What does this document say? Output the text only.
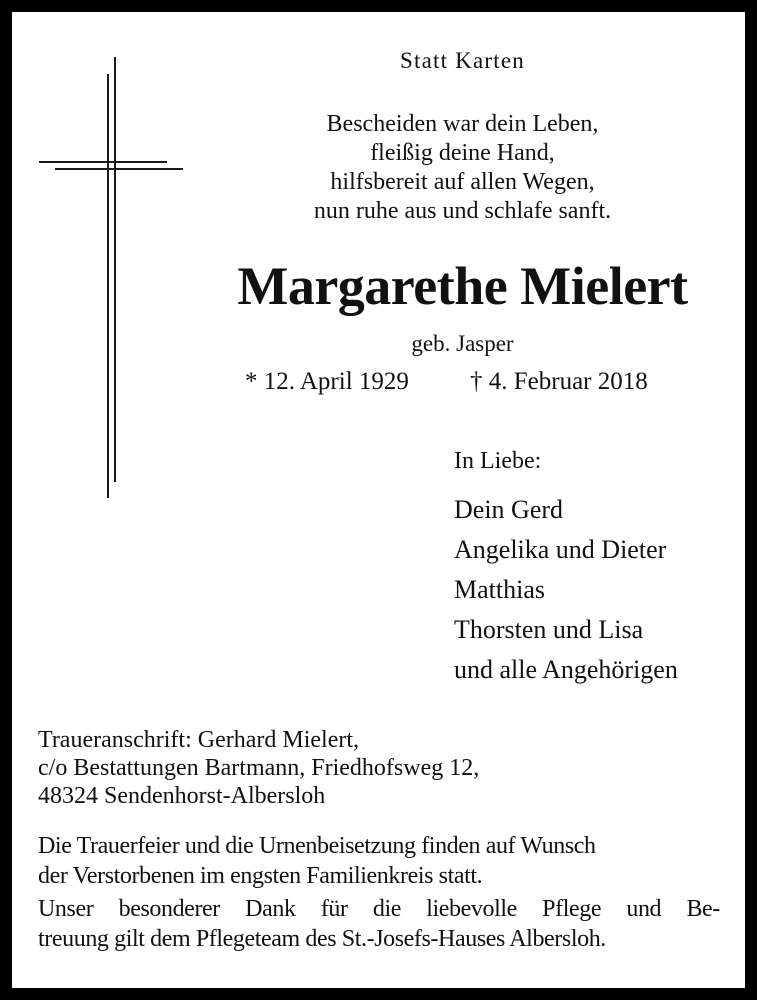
Statt Karten
Bescheiden war dein Leben,
fleißig deine Hand,
hilfsbereit auf allen Wegen,
nun ruhe aus und schlafe sanft.
Margarethe Mielert
geb. Jasper
* 12. April 1929 † 4. Februar 2018
In Liebe:
Dein Gerd
Angelika und Dieter
Matthias
Thorsten und Lisa
und alle Angehörigen
Traueranschrift: Gerhard Mielert,
c/o Bestattungen Bartmann, Friedhofsweg 12,
48324 Sendenhorst-Albersloh
Die Trauerfeier und die Urnenbeisetzung finden auf Wunsch
der Verstorbenen im engsten Familienkreis statt.
Unser besonderer Dank für die liebevolle Pflege und Be-
treuung gilt dem Pflegeteam des St.-Josefs-Hauses Albersloh.
